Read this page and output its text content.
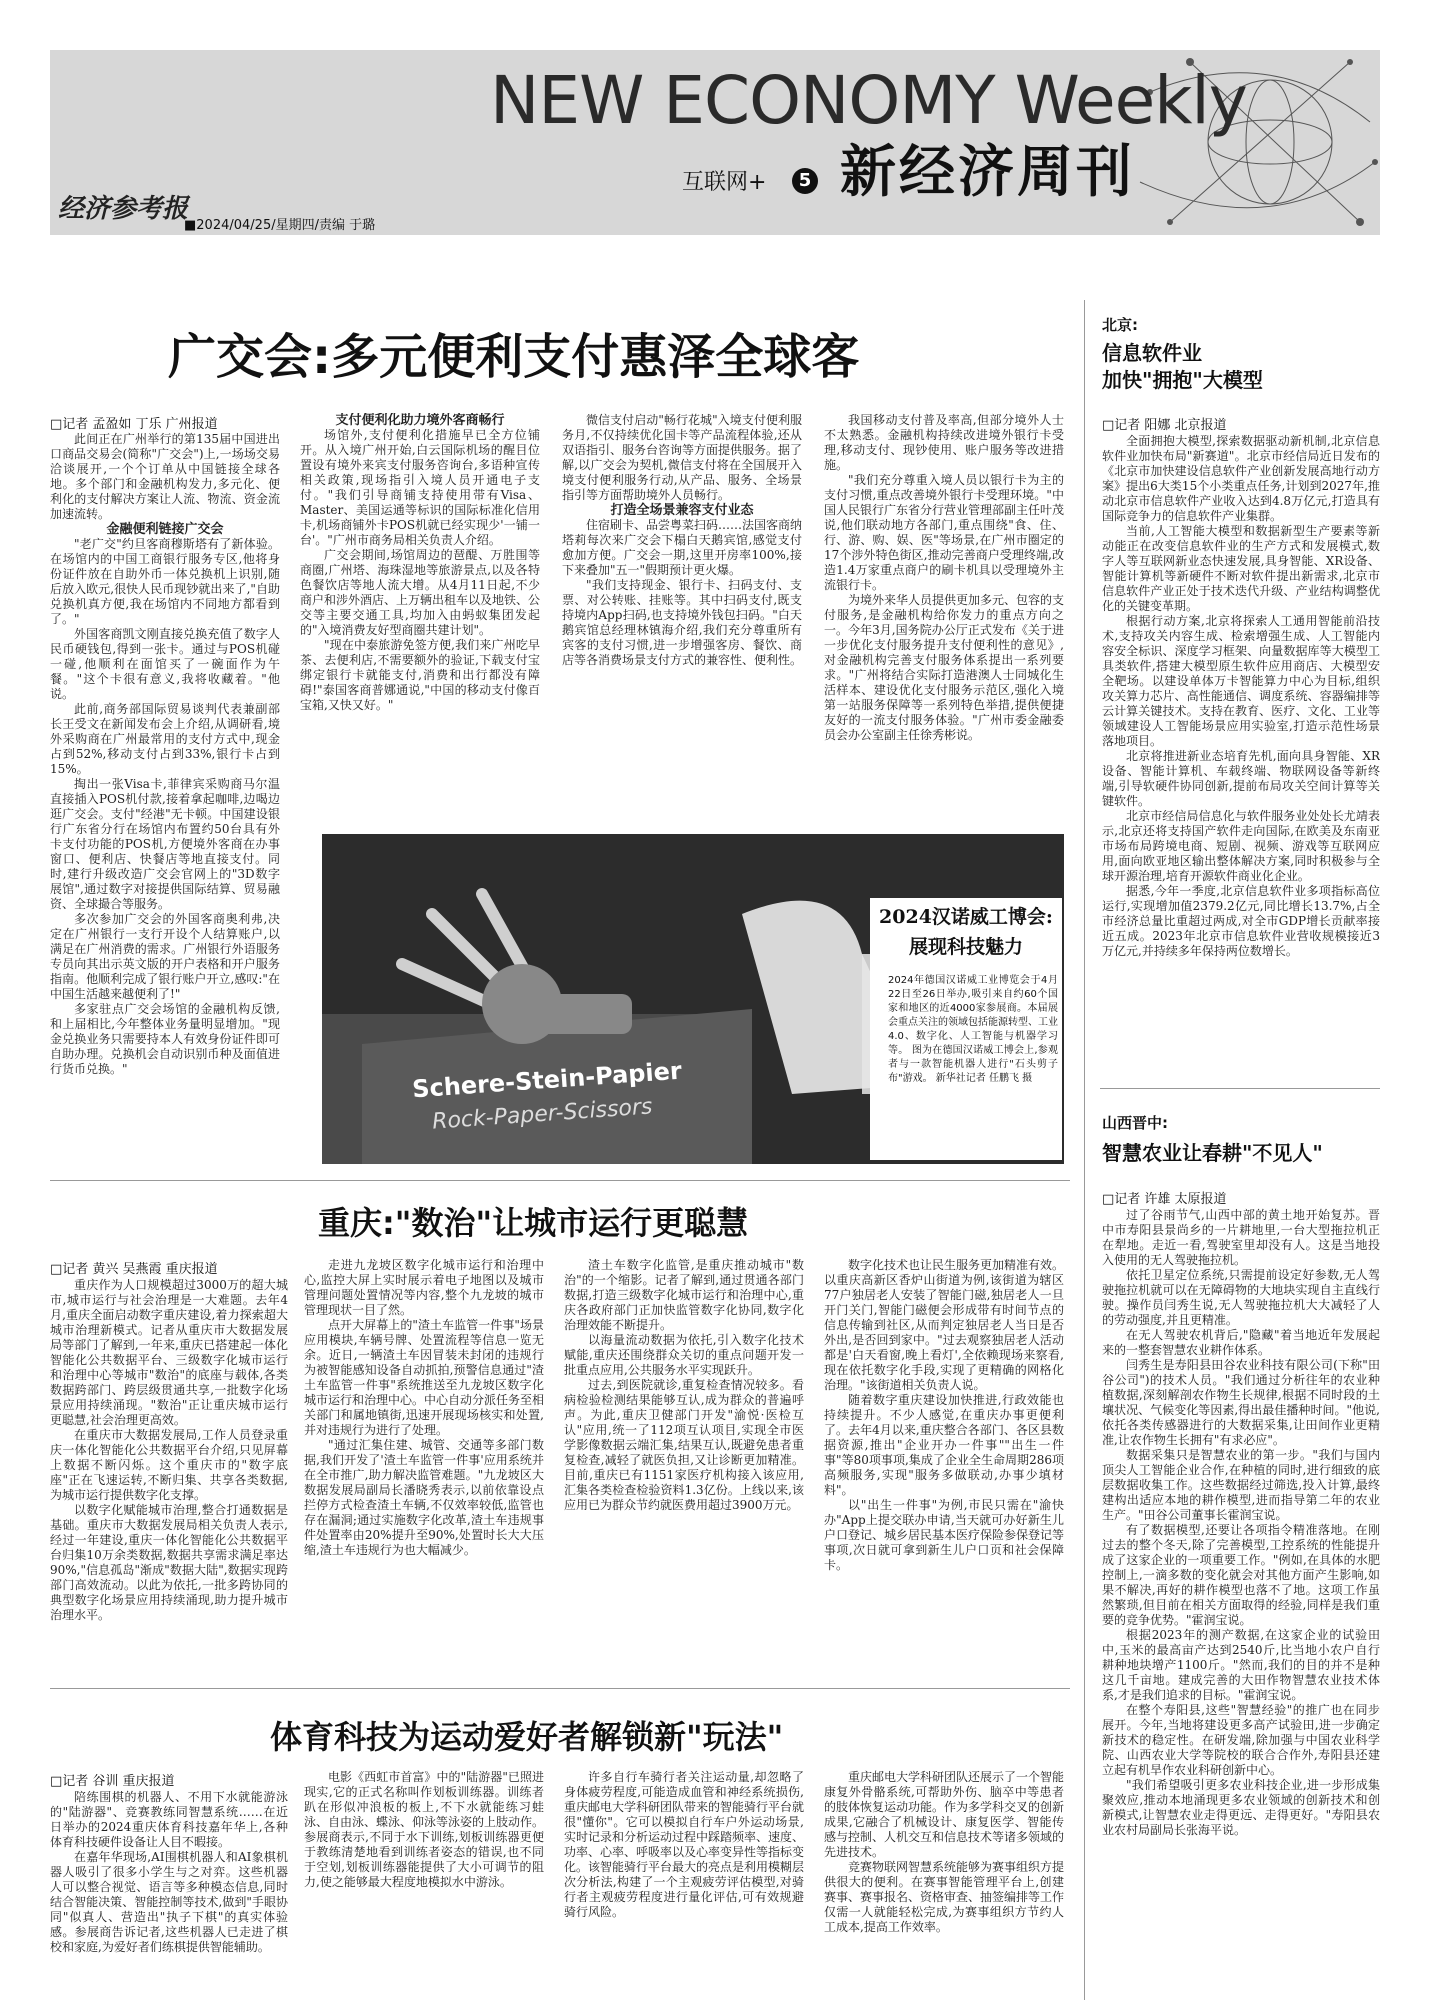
NEW ECONOMY Weekly
互联网+	5 新经济周刊
经济参考报
■2024/04/25/星期四/责编 于璐
广交会:多元便利支付惠泽全球客
□记者 孟盈如 丁乐 广州报道

此间正在广州举行的第135届中国进出口商品交易会(简称"广交会")上,一场场交易洽谈展开,一个个订单从中国链接全球各地。多个部门和金融机构发力,多元化、便利化的支付解决方案让人流、物流、资金流加速流转。

金融便利链接广交会

"老广交"约旦客商穆斯塔有了新体验。在场馆内的中国工商银行服务专区,他将身份证件放在自助外币一体兑换机上识别,随后放入欧元,很快人民币现钞就出来了,"自助兑换机真方便,我在场馆内不同地方都看到了。"

外国客商凯文刚直接兑换充值了数字人民币硬钱包,得到一张卡。通过与POS机碰一碰,他顺利在面馆买了一碗面作为午餐。"这个卡很有意义,我将收藏着。"他说。

此前,商务部国际贸易谈判代表兼副部长王受文在新闻发布会上介绍,从调研看,境外采购商在广州最常用的支付方式中,现金占到52%,移动支付占到33%,银行卡占到15%。

掏出一张Visa卡,菲律宾采购商马尔温直接插入POS机付款,接着拿起咖啡,边喝边逛广交会。支付"经港"无卡顿。中国建设银行广东省分行在场馆内布置约50台具有外卡支付功能的POS机,方便境外客商在办事窗口、便利店、快餐店等地直接支付。同时,建行升级改造广交会官网上的"3D数字展馆",通过数字对接提供国际结算、贸易融资、全球撮合等服务。

多次参加广交会的外国客商奥利弗,决定在广州银行一支行开设个人结算账户,以满足在广州消费的需求。广州银行外语服务专员向其出示英文版的开户表格和开户服务指南。他顺利完成了银行账户开立,感叹:"在中国生活越来越便利了!"

多家驻点广交会场馆的金融机构反馈,和上届相比,今年整体业务量明显增加。"现金兑换业务只需要持本人有效身份证件即可自助办理。兑换机会自动识别币种及面值进行货币兑换。"

支付便利化助力境外客商畅行

场馆外,支付便利化措施早已全方位铺开。从入境广州开始,白云国际机场的醒目位置设有境外来宾支付服务咨询台,多语种宣传相关政策,现场指引入境人员开通电子支付。"我们引导商铺支持使用带有Visa、Master、美国运通等标识的国际标准化信用卡,机场商铺外卡POS机就已经实现少'一铺一台'。"广州市商务局相关负责人介绍。

广交会期间,场馆周边的琶醍、万胜围等商圈,广州塔、海珠湿地等旅游景点,以及各特色餐饮店等地人流大增。从4月11日起,不少商户和涉外酒店、上万辆出租车以及地铁、公交等主要交通工具,均加入由蚂蚁集团发起的"入境消费友好型商圈共建计划"。

"现在中泰旅游免签方便,我们来广州吃早茶、去便利店,不需要额外的验证,下载支付宝绑定银行卡就能支付,消费和出行都没有障碍!"泰国客商普娜通说,"中国的移动支付像百宝箱,又快又好。"

微信支付启动"畅行花城"入境支付便利服务月,不仅持续优化国卡等产品流程体验,还从双语指引、服务台咨询等方面提供服务。据了解,以广交会为契机,微信支付将在全国展开入境支付便利服务行动,从产品、服务、全场景指引等方面帮助境外人员畅行。

打造全场景兼容支付业态

住宿刷卡、品尝粤菜扫码……法国客商纳塔莉每次来广交会下榻白天鹅宾馆,感觉支付愈加方便。广交会一期,这里开房率100%,接下来叠加"五一"假期预计更火爆。

"我们支持现金、银行卡、扫码支付、支票、对公转账、挂账等。其中扫码支付,既支持境内App扫码,也支持境外钱包扫码。"白天鹅宾馆总经理林镇海介绍,我们充分尊重所有宾客的支付习惯,进一步增强客房、餐饮、商店等各消费场景支付方式的兼容性、便利性。

我国移动支付普及率高,但部分境外人士不太熟悉。金融机构持续改进境外银行卡受理,移动支付、现钞使用、账户服务等改进措施。

"我们充分尊重入境人员以银行卡为主的支付习惯,重点改善境外银行卡受理环境。"中国人民银行广东省分行营业管理部副主任叶茂说,他们联动地方各部门,重点围绕"食、住、行、游、购、娱、医"等场景,在广州市圈定的17个涉外特色街区,推动完善商户受理终端,改造1.4万家重点商户的刷卡机具以受理境外主流银行卡。

为境外来华人员提供更加多元、包容的支付服务,是金融机构给你发力的重点方向之一。今年3月,国务院办公厅正式发布《关于进一步优化支付服务提升支付便利性的意见》,对金融机构完善支付服务体系提出一系列要求。"广州将结合实际打造港澳人士同城化生活样本、建设优化支付服务示范区,强化入境第一站服务保障等一系列特色举措,提供便捷友好的一流支付服务体验。"广州市委金融委员会办公室副主任徐秀彬说。

Schere-Stein-Papier
Rock-Paper-Scissors
2024汉诺威工博会:
展现科技魅力
2024年德国汉诺威工业博览会于4月22日至26日举办,吸引来自约60个国家和地区的近4000家参展商。本届展会重点关注的领域包括能源转型、工业4.0、数字化、人工智能与机器学习等。 图为在德国汉诺威工博会上,参观者与一款智能机器人进行"石头剪子布"游戏。 新华社记者 任鹏飞 摄
重庆:"数治"让城市运行更聪慧
□记者 黄兴 吴燕霞 重庆报道

重庆作为人口规模超过3000万的超大城市,城市运行与社会治理是一大难题。去年4月,重庆全面启动数字重庆建设,着力探索超大城市治理新模式。记者从重庆市大数据发展局等部门了解到,一年来,重庆已搭建起一体化智能化公共数据平台、三级数字化城市运行和治理中心等城市"数治"的底座与载体,各类数据跨部门、跨层级贯通共享,一批数字化场景应用持续涌现。"数治"正让重庆城市运行更聪慧,社会治理更高效。

在重庆市大数据发展局,工作人员登录重庆一体化智能化公共数据平台介绍,只见屏幕上数据不断闪烁。这个重庆市的"数字底座"正在飞速运转,不断归集、共享各类数据,为城市运行提供数字化支撑。

以数字化赋能城市治理,整合打通数据是基础。重庆市大数据发展局相关负责人表示,经过一年建设,重庆一体化智能化公共数据平台归集10万余类数据,数据共享需求满足率达90%,"信息孤岛"渐成"数据大陆",数据实现跨部门高效流动。以此为依托,一批多跨协同的典型数字化场景应用持续涌现,助力提升城市治理水平。

走进九龙坡区数字化城市运行和治理中心,监控大屏上实时展示着电子地图以及城市管理问题处置情况等内容,整个九龙坡的城市管理现状一目了然。

点开大屏幕上的"渣土车监管一件事"场景应用模块,车辆号牌、处置流程等信息一览无余。近日,一辆渣土车因冒装未封闭的违规行为被智能感知设备自动抓拍,预警信息通过"渣土车监管一件事"系统推送至九龙坡区数字化城市运行和治理中心。中心自动分派任务至相关部门和属地镇街,迅速开展现场核实和处置,并对违规行为进行了处理。

"通过汇集住建、城管、交通等多部门数据,我们开发了'渣土车监管一件事'应用系统并在全市推广,助力解决监管难题。"九龙坡区大数据发展局副局长潘晓秀表示,以前依靠设点拦停方式检查渣土车辆,不仅效率较低,监管也存在漏洞;通过实施数字化改革,渣土车违规事件处置率由20%提升至90%,处置时长大大压缩,渣土车违规行为也大幅减少。

渣土车数字化监管,是重庆推动城市"数治"的一个缩影。记者了解到,通过贯通各部门数据,打造三级数字化城市运行和治理中心,重庆各政府部门正加快监管数字化协同,数字化治理效能不断提升。

以海量流动数据为依托,引入数字化技术赋能,重庆还围绕群众关切的重点问题开发一批重点应用,公共服务水平实现跃升。

过去,到医院就诊,重复检查情况较多。看病检验检测结果能够互认,成为群众的普遍呼声。为此,重庆卫健部门开发"渝悦·医检互认"应用,统一了112项互认项目,实现全市医学影像数据云端汇集,结果互认,既避免患者重复检查,减轻了就医负担,又让诊断更加精准。目前,重庆已有1151家医疗机构接入该应用,汇集各类检查检验资料1.3亿份。上线以来,该应用已为群众节约就医费用超过3900万元。

数字化技术也让民生服务更加精准有效。以重庆高新区香炉山街道为例,该街道为辖区77户独居老人安装了智能门磁,独居老人一旦开门关门,智能门磁便会形成带有时间节点的信息传输到社区,从而判定独居老人当日是否外出,是否回到家中。"过去观察独居老人活动都是'白天看窗,晚上看灯',全依赖现场来察看,现在依托数字化手段,实现了更精确的网格化治理。"该街道相关负责人说。

随着数字重庆建设加快推进,行政效能也持续提升。不少人感觉,在重庆办事更便利了。去年4月以来,重庆整合各部门、各区县数据资源,推出"企业开办一件事""出生一件事"等80项事项,集成了企业全生命周期286项高频服务,实现"服务多做联动,办事少填材料"。

以"出生一件事"为例,市民只需在"渝快办"App上提交联办申请,当天就可办好新生儿户口登记、城乡居民基本医疗保险参保登记等事项,次日就可拿到新生儿户口页和社会保障卡。

体育科技为运动爱好者解锁新"玩法"
□记者 谷训 重庆报道

陪练围棋的机器人、不用下水就能游泳的"陆游器"、竞赛教练同智慧系统……在近日举办的2024重庆体育科技嘉年华上,各种体育科技硬件设备让人目不暇接。

在嘉年华现场,AI围棋机器人和AI象棋机器人吸引了很多小学生与之对弈。这些机器人可以整合视觉、语言等多种模态信息,同时结合智能决策、智能控制等技术,做到"手眼协同"似真人、营造出"执子下棋"的真实体验感。参展商告诉记者,这些机器人已走进了棋校和家庭,为爱好者们练棋提供智能辅助。

电影《西虹市首富》中的"陆游器"已照进现实,它的正式名称叫作划板训练器。训练者趴在形似冲浪板的板上,不下水就能练习蛙泳、自由泳、蝶泳、仰泳等泳姿的上肢动作。参展商表示,不同于水下训练,划板训练器更便于教练清楚地看到训练者姿态的错误,也不同于空划,划板训练器能提供了大小可调节的阻力,使之能够最大程度地模拟水中游泳。

许多自行车骑行者关注运动量,却忽略了身体疲劳程度,可能造成血管和神经系统损伤,重庆邮电大学科研团队带来的智能骑行平台就很"懂你"。它可以模拟自行车户外运动场景,实时记录和分析运动过程中踩踏频率、速度、功率、心率、呼吸率以及心率变异性等指标变化。该智能骑行平台最大的亮点是利用模糊层次分析法,构建了一个主观疲劳评估模型,对骑行者主观疲劳程度进行量化评估,可有效规避骑行风险。

重庆邮电大学科研团队还展示了一个智能康复外骨骼系统,可帮助外伤、脑卒中等患者的肢体恢复运动功能。作为多学科交叉的创新成果,它融合了机械设计、康复医学、智能传感与控制、人机交互和信息技术等诸多领域的先进技术。

竞赛物联网智慧系统能够为赛事组织方提供很大的便利。在赛事智能管理平台上,创建赛事、赛事报名、资格审查、抽签编排等工作仅需一人就能轻松完成,为赛事组织方节约人工成本,提高工作效率。

北京:
信息软件业
加快"拥抱"大模型
□记者 阳娜 北京报道

全面拥抱大模型,探索数据驱动新机制,北京信息软件业加快布局"新赛道"。北京市经信局近日发布的《北京市加快建设信息软件产业创新发展高地行动方案》提出6大类15个小类重点任务,计划到2027年,推动北京市信息软件产业收入达到4.8万亿元,打造具有国际竞争力的信息软件产业集群。

当前,人工智能大模型和数据新型生产要素等新动能正在改变信息软件业的生产方式和发展模式,数字人等互联网新业态快速发展,具身智能、XR设备、智能计算机等新硬件不断对软件提出新需求,北京市信息软件产业正处于技术迭代升级、产业结构调整优化的关键变革期。

根据行动方案,北京将探索人工通用智能前沿技术,支持攻关内容生成、检索增强生成、人工智能内容安全标识、深度学习框架、向量数据库等大模型工具类软件,搭建大模型原生软件应用商店、大模型安全靶场。以建设单体万卡智能算力中心为目标,组织攻关算力芯片、高性能通信、调度系统、容器编排等云计算关键技术。支持在教育、医疗、文化、工业等领域建设人工智能场景应用实验室,打造示范性场景落地项目。

北京将推进新业态培育先机,面向具身智能、XR设备、智能计算机、车载终端、物联网设备等新终端,引导软硬件协同创新,提前布局攻关空间计算等关键软件。

北京市经信局信息化与软件服务业处处长尤靖表示,北京还将支持国产软件走向国际,在欧美及东南亚市场布局跨境电商、短剧、视频、游戏等互联网应用,面向欧亚地区输出整体解决方案,同时积极参与全球开源治理,培育开源软件商业化企业。

据悉,今年一季度,北京信息软件业多项指标高位运行,实现增加值2379.2亿元,同比增长13.7%,占全市经济总量比重超过两成,对全市GDP增长贡献率接近五成。2023年北京市信息软件业营收规模接近3万亿元,并持续多年保持两位数增长。

山西晋中:
智慧农业让春耕"不见人"
□记者 许雄 太原报道

过了谷雨节气,山西中部的黄土地开始复苏。晋中市寿阳县景尚乡的一片耕地里,一台大型拖拉机正在犁地。走近一看,驾驶室里却没有人。这是当地投入使用的无人驾驶拖拉机。

依托卫星定位系统,只需提前设定好参数,无人驾驶拖拉机就可以在无障碍物的大地块实现自主直线行驶。操作员闫秀生说,无人驾驶拖拉机大大减轻了人的劳动强度,并且更精准。

在无人驾驶农机背后,"隐藏"着当地近年发展起来的一整套智慧农业耕作体系。

闫秀生是寿阳县田谷农业科技有限公司(下称"田谷公司")的技术人员。"我们通过分析往年的农业种植数据,深刻解剖农作物生长规律,根据不同时段的土壤状况、气候变化等因素,得出最佳播种时间。"他说,依托各类传感器进行的大数据采集,让田间作业更精准,让农作物生长拥有"有求必应"。

数据采集只是智慧农业的第一步。"我们与国内顶尖人工智能企业合作,在种植的同时,进行细致的底层数据收集工作。这些数据经过筛选,投入计算,最终建构出适应本地的耕作模型,进而指导第二年的农业生产。"田谷公司董事长霍润宝说。

有了数据模型,还要让各项指令精准落地。在刚过去的整个冬天,除了完善模型,工控系统的性能提升成了这家企业的一项重要工作。"例如,在具体的水肥控制上,一滴多数的变化就会对其他方面产生影响,如果不解决,再好的耕作模型也落不了地。这项工作虽然繁琐,但目前在相关方面取得的经验,同样是我们重要的竞争优势。"霍润宝说。

根据2023年的测产数据,在这家企业的试验田中,玉米的最高亩产达到2540斤,比当地小农户自行耕种地块增产1100斤。"然而,我们的目的并不是种这几千亩地。建成完善的大田作物智慧农业技术体系,才是我们追求的目标。"霍润宝说。

在整个寿阳县,这些"智慧经验"的推广也在同步展开。今年,当地将建设更多高产试验田,进一步确定新技术的稳定性。在研发端,除加强与中国农业科学院、山西农业大学等院校的联合合作外,寿阳县还建立起有机旱作农业科研创新中心。

"我们希望吸引更多农业科技企业,进一步形成集聚效应,推动本地涌现更多农业领域的创新技术和创新模式,让智慧农业走得更远、走得更好。"寿阳县农业农村局副局长张海平说。
